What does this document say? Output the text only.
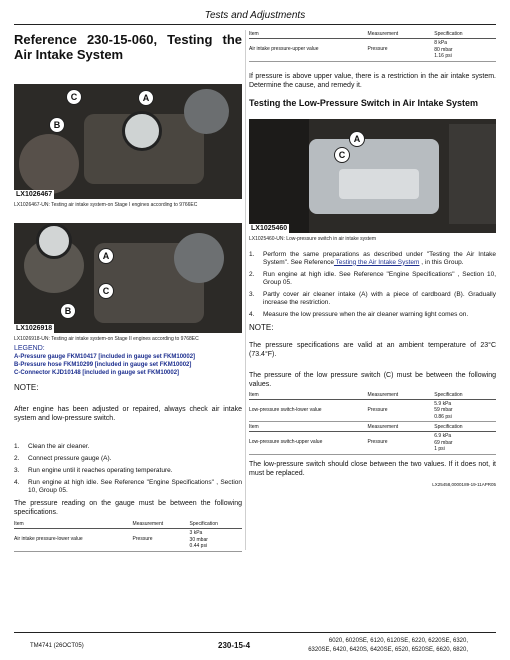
Tests and Adjustments
Reference 230-15-060, Testing the Air Intake System
C	A
B
LX1026467
LX1026467-UN: Testing air intake system-on Stage I engines according to 9766EC
A
C
B
LX1026918
LX1026918-UN: Testing air intake system-on Stage II engines according to 9768EC
LEGEND:
A-Pressure gauge FKM10417 [included in gauge set FKM10002]
B-Pressure hose FKM10299 [included in gauge set FKM10002]
C-Connector KJD10148 [included in gauge set FKM10002]
NOTE:
After engine has been adjusted or repaired, always check air intake system and low-pressure switch.
1.	Clean the air cleaner.
2.	Connect pressure gauge (A).
3.	Run engine until it reaches operating temperature.
4.	Run engine at high idle. See Reference "Engine Specifications" , Section 10, Group 05.
The pressure reading on the gauge must be between the following specifications.
Item	Measurement	Specification
Air intake pressure-lower value	Pressure	3 kPa
30 mbar
0.44 psi
Item	Measurement	Specification
Air intake pressure-upper value	Pressure	8 kPa
80 mbar
1.16 psi
If pressure is above upper value, there is a restriction in the air intake system. Determine the cause, and remedy it.
Testing the Low-Pressure Switch in Air Intake System
A
C
LX1025460
LX1025460-UN: Low-pressure switch in air intake system
1.	Perform the same preparations as described under "Testing the Air Intake System". See Reference Testing the Air Intake System , in this Group.
2.	Run engine at high idle. See Reference "Engine Specifications" , Section 10, Group 05.
3.	Partly cover air cleaner intake (A) with a piece of cardboard (B). Gradually increase the restriction.
4.	Measure the low pressure when the air cleaner warning light comes on.
NOTE:
The pressure specifications are valid at an ambient temperature of 23°C (73.4°F).
The pressure of the low pressure switch (C) must be between the following values.
Item	Measurement	Specification
Low-pressure switch-lower value	Pressure	5.9 kPa
59 mbar
0.86 psi
Item	Measurement	Specification
Low-pressure switch-upper value	Pressure	6.9 kPa
69 mbar
1 psi
The low-pressure switch should close between the two values. If it does not, it must be replaced.
LX25458,0000189-19-11APR05
TM4741 (26OCT05)	230-15-4	6020, 6020SE, 6120, 6120SE, 6220, 6220SE, 6320,
6320SE, 6420, 6420S, 6420SE, 6520, 6520SE, 6620, 6820,
